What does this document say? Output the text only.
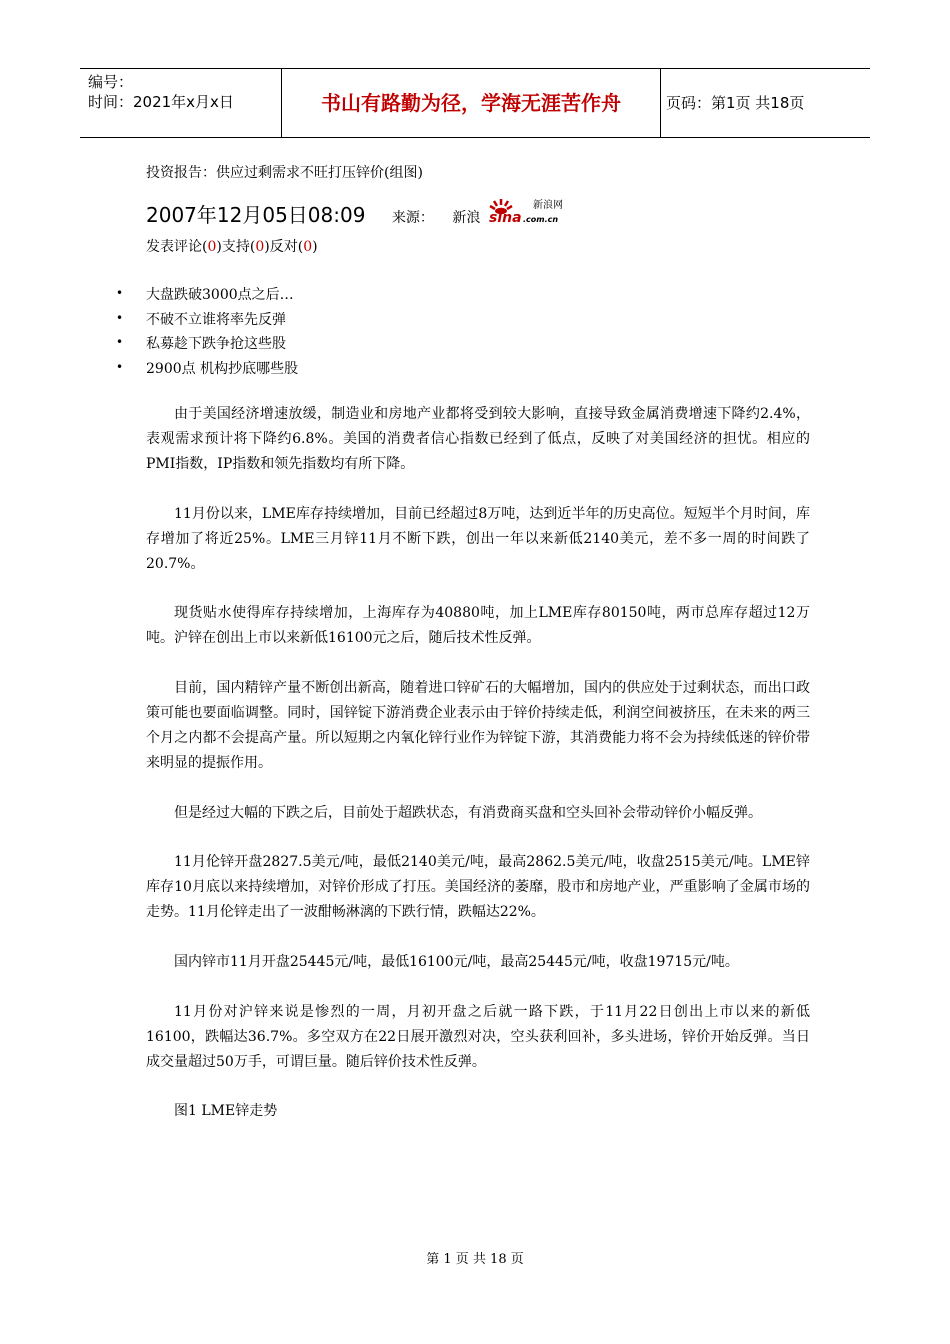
编号：
时间：2021年x月x日	书山有路勤为径，学海无涯苦作舟	页码：第1页 共18页
投资报告：供应过剩需求不旺打压锌价(组图)
2007年12月05日08:09 来源： 新浪 sina .com.cn
新浪网
发表评论(0)支持(0)反对(0)
• 大盘跌破3000点之后…
• 不破不立谁将率先反弹
• 私募趁下跌争抢这些股
• 2900点 机构抄底哪些股
由于美国经济增速放缓，制造业和房地产业都将受到较大影响，直接导致金属消费增速下降约2.4%，表观需求预计将下降约6.8%。美国的消费者信心指数已经到了低点，反映了对美国经济的担忧。相应的PMI指数，IP指数和领先指数均有所下降。
11月份以来，LME库存持续增加，目前已经超过8万吨，达到近半年的历史高位。短短半个月时间，库存增加了将近25%。LME三月锌11月不断下跌，创出一年以来新低2140美元，差不多一周的时间跌了20.7%。
现货贴水使得库存持续增加，上海库存为40880吨，加上LME库存80150吨，两市总库存超过12万吨。沪锌在创出上市以来新低16100元之后，随后技术性反弹。
目前，国内精锌产量不断创出新高，随着进口锌矿石的大幅增加，国内的供应处于过剩状态，而出口政策可能也要面临调整。同时，国锌锭下游消费企业表示由于锌价持续走低，利润空间被挤压，在未来的两三个月之内都不会提高产量。所以短期之内氧化锌行业作为锌锭下游，其消费能力将不会为持续低迷的锌价带来明显的提振作用。
但是经过大幅的下跌之后，目前处于超跌状态，有消费商买盘和空头回补会带动锌价小幅反弹。
11月伦锌开盘2827.5美元/吨，最低2140美元/吨，最高2862.5美元/吨，收盘2515美元/吨。LME锌库存10月底以来持续增加，对锌价形成了打压。美国经济的萎靡，股市和房地产业，严重影响了金属市场的走势。11月伦锌走出了一波酣畅淋漓的下跌行情，跌幅达22%。
国内锌市11月开盘25445元/吨，最低16100元/吨，最高25445元/吨，收盘19715元/吨。
11月份对沪锌来说是惨烈的一周，月初开盘之后就一路下跌，于11月22日创出上市以来的新低16100，跌幅达36.7%。多空双方在22日展开激烈对决，空头获利回补，多头进场，锌价开始反弹。当日成交量超过50万手，可谓巨量。随后锌价技术性反弹。
图1 LME锌走势
第 1 页 共 18 页
